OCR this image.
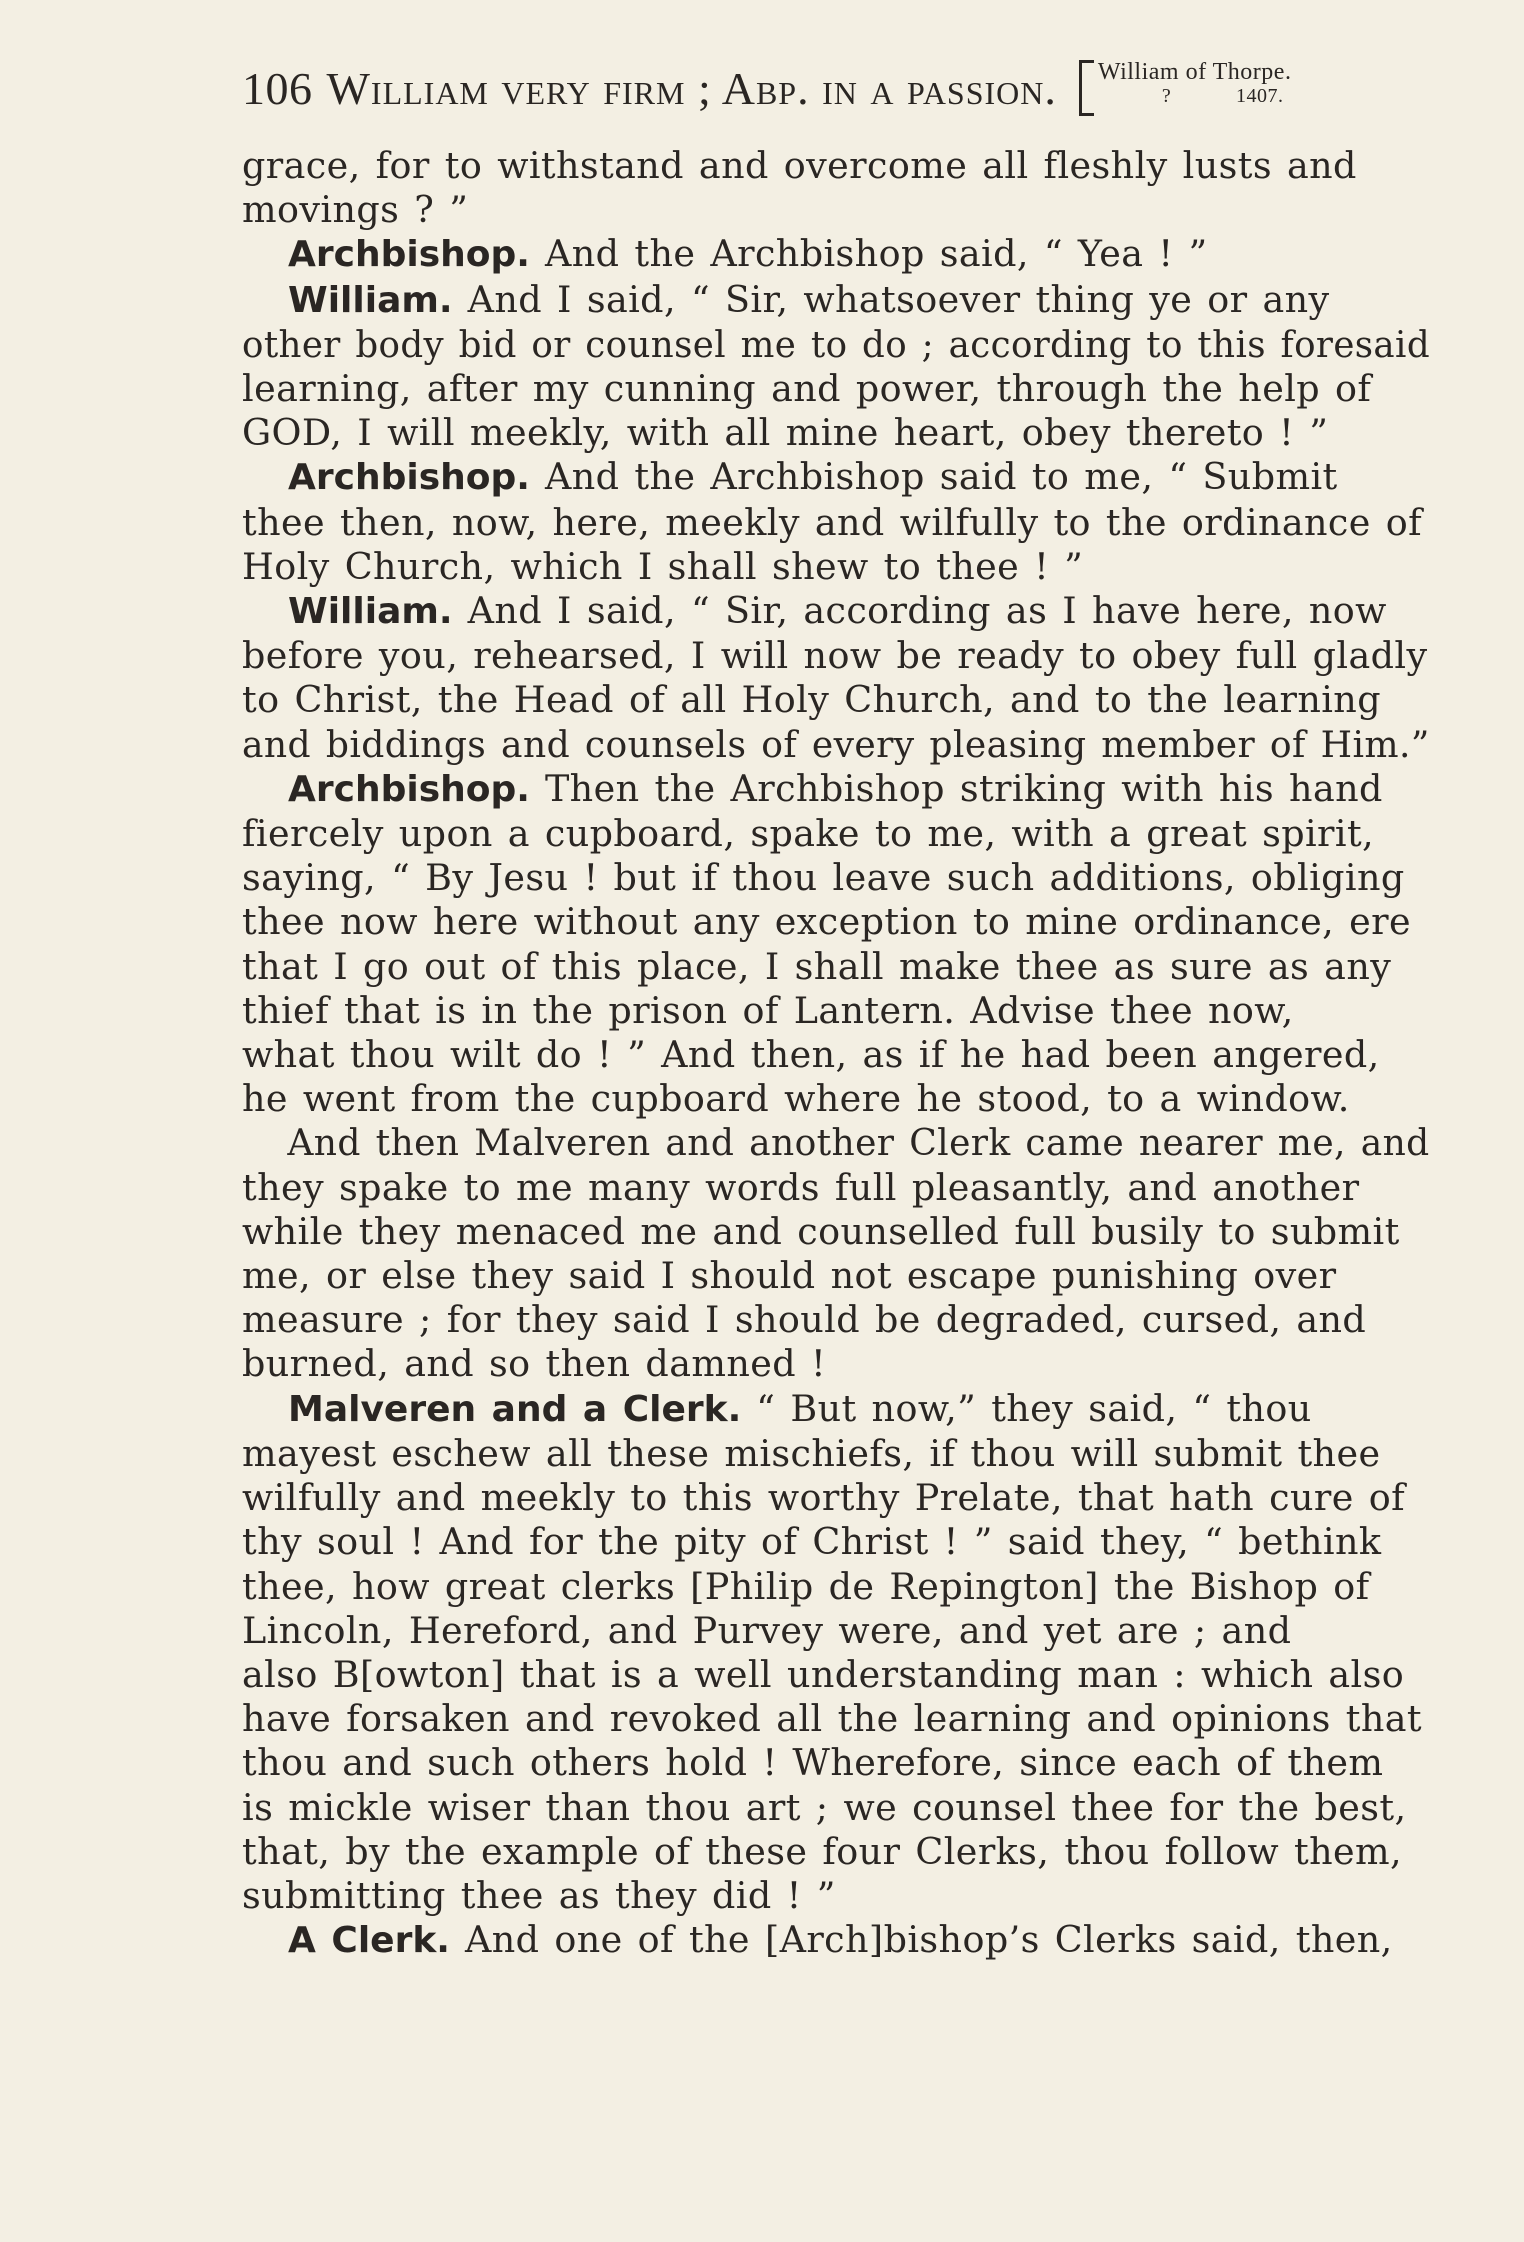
106 William very firm ; Abp. in a passion. William of Thorpe.
?	1407.
grace, for to withstand and overcome all fleshly lusts and
movings ? ”
Archbishop. And the Archbishop said, “ Yea ! ”
William. And I said, “ Sir, whatsoever thing ye or any
other body bid or counsel me to do ; according to this foresaid
learning, after my cunning and power, through the help of
GOD, I will meekly, with all mine heart, obey thereto ! ”
Archbishop. And the Archbishop said to me, “ Submit
thee then, now, here, meekly and wilfully to the ordinance of
Holy Church, which I shall shew to thee ! ”
William. And I said, “ Sir, according as I have here, now
before you, rehearsed, I will now be ready to obey full gladly
to Christ, the Head of all Holy Church, and to the learning
and biddings and counsels of every pleasing member of Him.”
Archbishop. Then the Archbishop striking with his hand
fiercely upon a cupboard, spake to me, with a great spirit,
saying, “ By Jesu ! but if thou leave such additions, obliging
thee now here without any exception to mine ordinance, ere
that I go out of this place, I shall make thee as sure as any
thief that is in the prison of Lantern. Advise thee now,
what thou wilt do ! ” And then, as if he had been angered,
he went from the cupboard where he stood, to a window.
And then Malveren and another Clerk came nearer me, and
they spake to me many words full pleasantly, and another
while they menaced me and counselled full busily to submit
me, or else they said I should not escape punishing over
measure ; for they said I should be degraded, cursed, and
burned, and so then damned !
Malveren and a Clerk. “ But now,” they said, “ thou
mayest eschew all these mischiefs, if thou will submit thee
wilfully and meekly to this worthy Prelate, that hath cure of
thy soul ! And for the pity of Christ ! ” said they, “ bethink
thee, how great clerks [Philip de Repington] the Bishop of
Lincoln, Hereford, and Purvey were, and yet are ; and
also B[owton] that is a well understanding man : which also
have forsaken and revoked all the learning and opinions that
thou and such others hold ! Wherefore, since each of them
is mickle wiser than thou art ; we counsel thee for the best,
that, by the example of these four Clerks, thou follow them,
submitting thee as they did ! ”
A Clerk. And one of the [Arch]bishop’s Clerks said, then,
